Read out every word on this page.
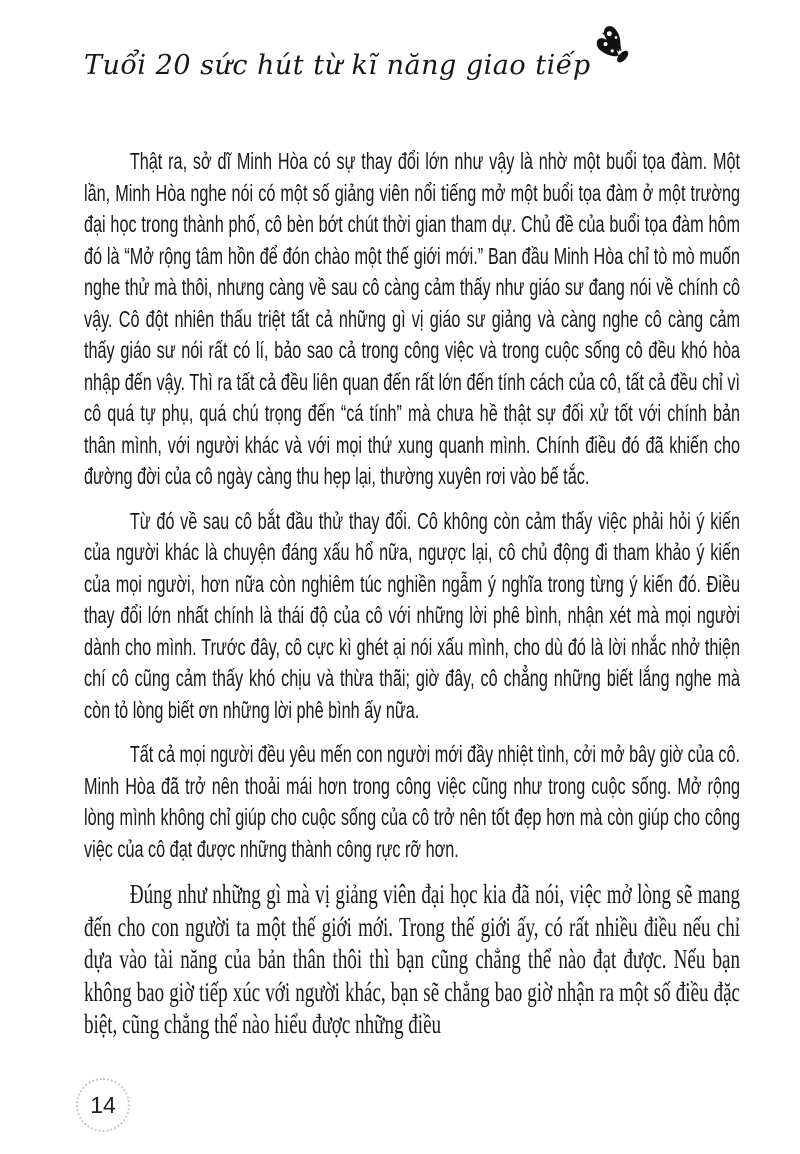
Tuổi 20 sức hút từ kĩ năng giao tiếp

Thật ra, sở dĩ Minh Hòa có sự thay đổi lớn như vậy là nhờ một buổi tọa đàm. Một lần, Minh Hòa nghe nói có một số giảng viên nổi tiếng mở một buổi tọa đàm ở một trường đại học trong thành phố, cô bèn bớt chút thời gian tham dự. Chủ đề của buổi tọa đàm hôm đó là “Mở rộng tâm hồn để đón chào một thế giới mới.” Ban đầu Minh Hòa chỉ tò mò muốn nghe thử mà thôi, nhưng càng về sau cô càng cảm thấy như giáo sư đang nói về chính cô vậy. Cô đột nhiên thấu triệt tất cả những gì vị giáo sư giảng và càng nghe cô càng cảm thấy giáo sư nói rất có lí, bảo sao cả trong công việc và trong cuộc sống cô đều khó hòa nhập đến vậy. Thì ra tất cả đều liên quan đến rất lớn đến tính cách của cô, tất cả đều chỉ vì cô quá tự phụ, quá chú trọng đến “cá tính” mà chưa hề thật sự đối xử tốt với chính bản thân mình, với người khác và với mọi thứ xung quanh mình. Chính điều đó đã khiến cho đường đời của cô ngày càng thu hẹp lại, thường xuyên rơi vào bế tắc.

Từ đó về sau cô bắt đầu thử thay đổi. Cô không còn cảm thấy việc phải hỏi ý kiến của người khác là chuyện đáng xấu hổ nữa, ngược lại, cô chủ động đi tham khảo ý kiến của mọi người, hơn nữa còn nghiêm túc nghiền ngẫm ý nghĩa trong từng ý kiến đó. Điều thay đổi lớn nhất chính là thái độ của cô với những lời phê bình, nhận xét mà mọi người dành cho mình. Trước đây, cô cực kì ghét ại nói xấu mình, cho dù đó là lời nhắc nhở thiện chí cô cũng cảm thấy khó chịu và thừa thãi; giờ đây, cô chẳng những biết lắng nghe mà còn tỏ lòng biết ơn những lời phê bình ấy nữa.

Tất cả mọi người đều yêu mến con người mới đầy nhiệt tình, cởi mở bây giờ của cô. Minh Hòa đã trở nên thoải mái hơn trong công việc cũng như trong cuộc sống. Mở rộng lòng mình không chỉ giúp cho cuộc sống của cô trở nên tốt đẹp hơn mà còn giúp cho công việc của cô đạt được những thành công rực rỡ hơn.

Đúng như những gì mà vị giảng viên đại học kia đã nói, việc mở lòng sẽ mang đến cho con người ta một thế giới mới. Trong thế giới ấy, có rất nhiều điều nếu chỉ dựa vào tài năng của bản thân thôi thì bạn cũng chẳng thể nào đạt được. Nếu bạn không bao giờ tiếp xúc với người khác, bạn sẽ chẳng bao giờ nhận ra một số điều đặc biệt, cũng chẳng thể nào hiểu được những điều

14
